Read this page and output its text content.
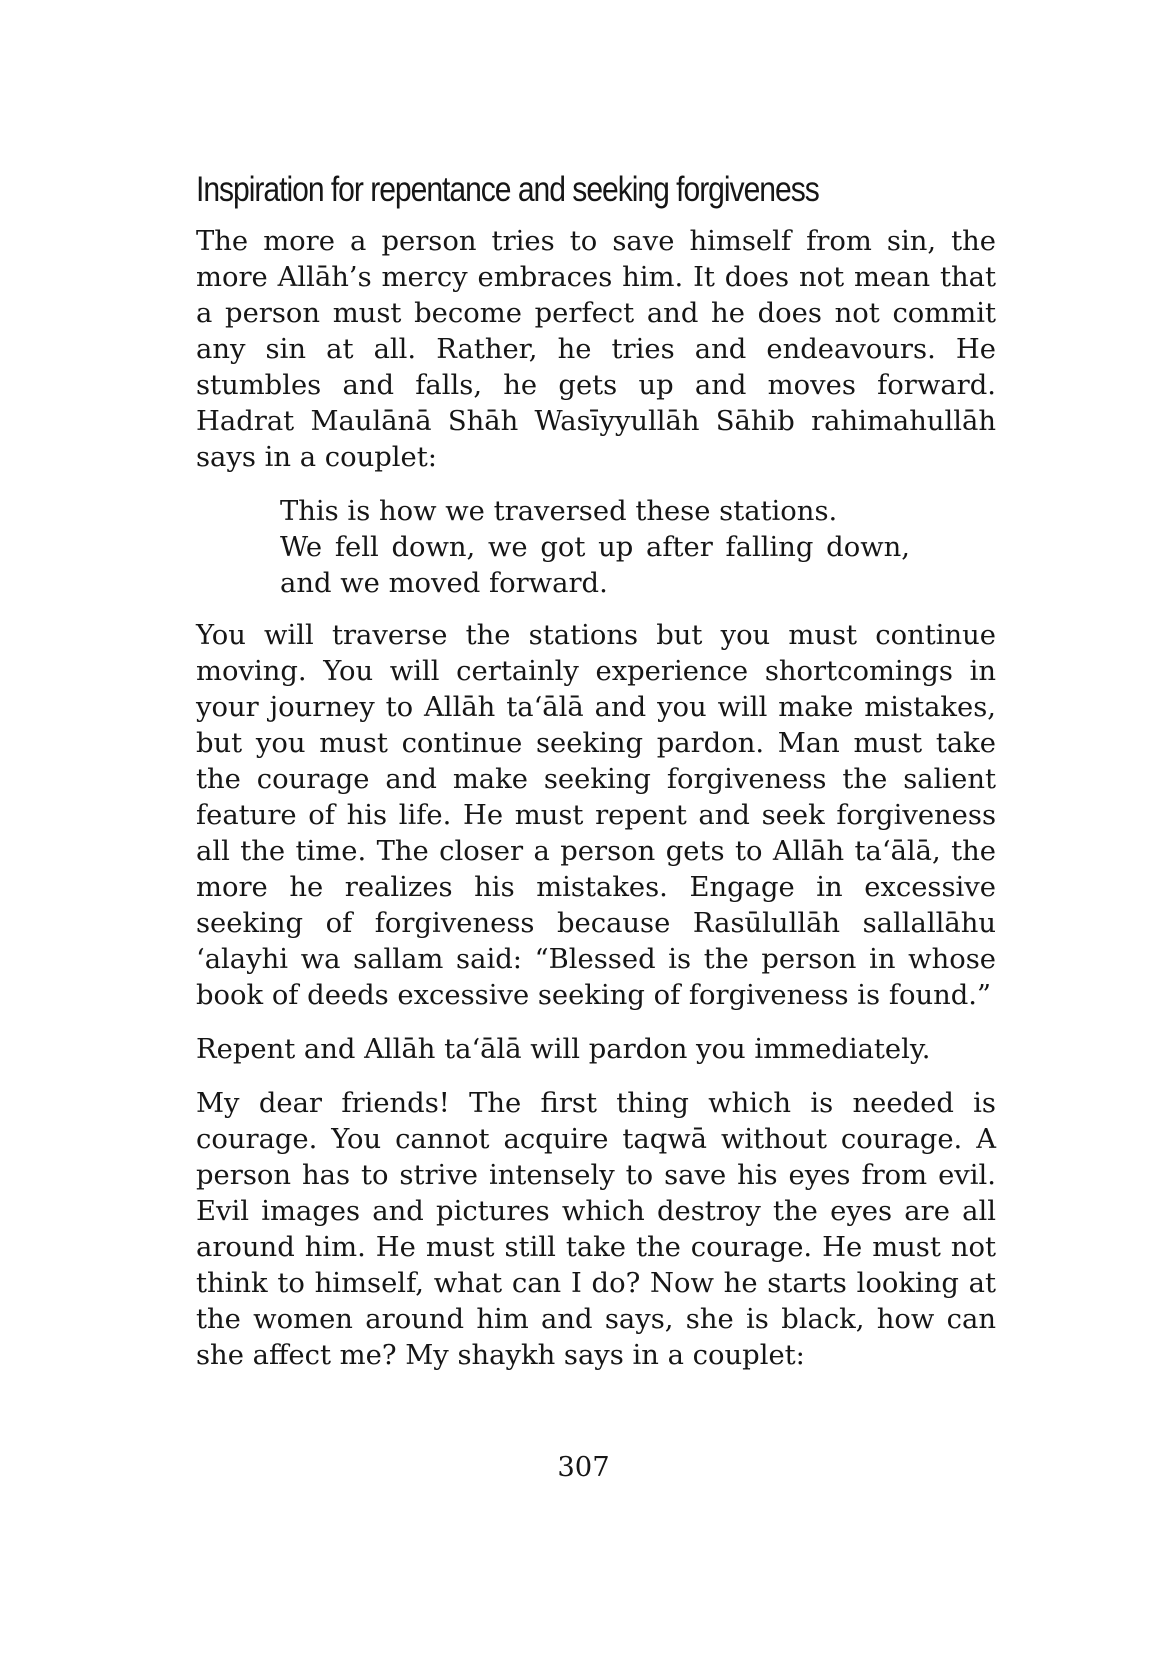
Inspiration for repentance and seeking forgiveness

The more a person tries to save himself from sin, the more Allāh’s mercy embraces him. It does not mean that a person must become perfect and he does not commit any sin at all. Rather, he tries and endeavours. He stumbles and falls, he gets up and moves forward. Hadrat Maulānā Shāh Wasīyyullāh Sāhib rahimahullāh says in a couplet:

This is how we traversed these stations.
We fell down, we got up after falling down, and we moved forward.

You will traverse the stations but you must continue moving. You will certainly experience shortcomings in your journey to Allāh ta‘ālā and you will make mistakes, but you must continue seeking pardon. Man must take the courage and make seeking forgiveness the salient feature of his life. He must repent and seek forgiveness all the time. The closer a person gets to Allāh ta‘ālā, the more he realizes his mistakes. Engage in excessive seeking of forgiveness because Rasūlullāh sallallāhu ‘alayhi wa sallam said: “Blessed is the person in whose book of deeds excessive seeking of forgiveness is found.”

Repent and Allāh ta‘ālā will pardon you immediately.

My dear friends! The first thing which is needed is courage. You cannot acquire taqwā without courage. A person has to strive intensely to save his eyes from evil. Evil images and pictures which destroy the eyes are all around him. He must still take the courage. He must not think to himself, what can I do? Now he starts looking at the women around him and says, she is black, how can she affect me? My shaykh says in a couplet:

307
